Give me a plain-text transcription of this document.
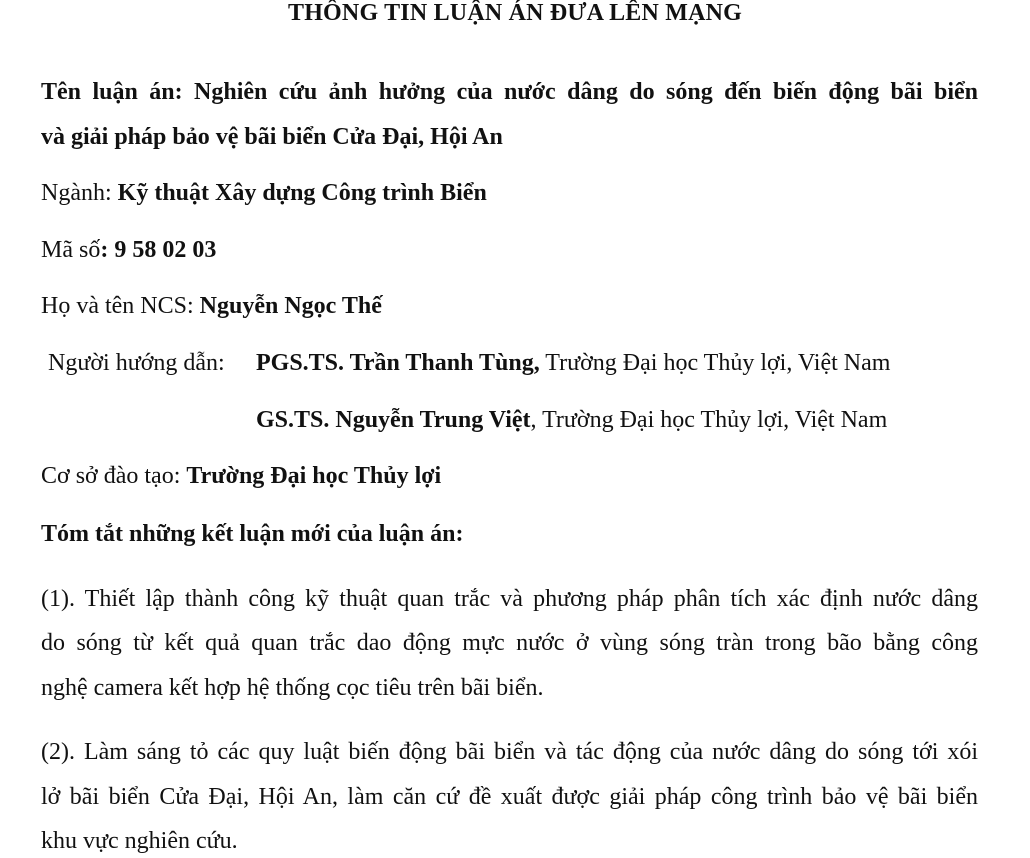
THÔNG TIN LUẬN ÁN ĐƯA LÊN MẠNG
Tên luận án: Nghiên cứu ảnh hưởng của nước dâng do sóng đến biến động bãi biển
và giải pháp bảo vệ bãi biển Cửa Đại, Hội An
Ngành: Kỹ thuật Xây dựng Công trình Biển
Mã số: 9 58 02 03
Họ và tên NCS: Nguyễn Ngọc Thế
Người hướng dẫn: PGS.TS. Trần Thanh Tùng, Trường Đại học Thủy lợi, Việt Nam
GS.TS. Nguyễn Trung Việt, Trường Đại học Thủy lợi, Việt Nam
Cơ sở đào tạo: Trường Đại học Thủy lợi
Tóm tắt những kết luận mới của luận án:
(1). Thiết lập thành công kỹ thuật quan trắc và phương pháp phân tích xác định nước dâng
do sóng từ kết quả quan trắc dao động mực nước ở vùng sóng tràn trong bão bằng công
nghệ camera kết hợp hệ thống cọc tiêu trên bãi biển.
(2). Làm sáng tỏ các quy luật biến động bãi biển và tác động của nước dâng do sóng tới xói
lở bãi biển Cửa Đại, Hội An, làm căn cứ đề xuất được giải pháp công trình bảo vệ bãi biển
khu vực nghiên cứu.
